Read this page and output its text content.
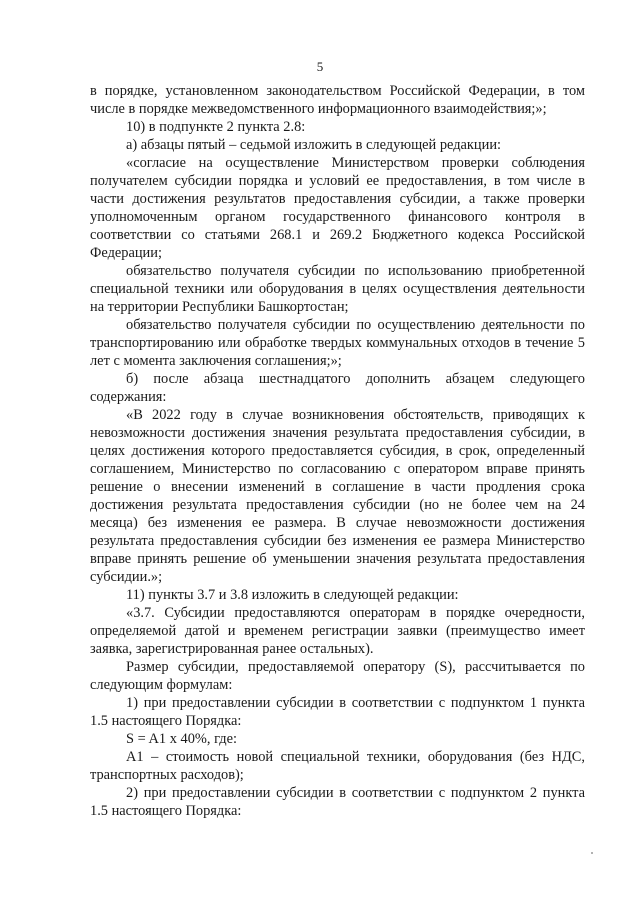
5

в порядке, установленном законодательством Российской Федерации, в том числе в порядке межведомственного информационного взаимодействия;»;

10) в подпункте 2 пункта 2.8:

а) абзацы пятый – седьмой изложить в следующей редакции:

«согласие на осуществление Министерством проверки соблюдения получателем субсидии порядка и условий ее предоставления, в том числе в части достижения результатов предоставления субсидии, а также проверки уполномоченным органом государственного финансового контроля в соответствии со статьями 268.1 и 269.2 Бюджетного кодекса Российской Федерации;

обязательство получателя субсидии по использованию приобретенной специальной техники или оборудования в целях осуществления деятельности на территории Республики Башкортостан;

обязательство получателя субсидии по осуществлению деятельности по транспортированию или обработке твердых коммунальных отходов в течение 5 лет с момента заключения соглашения;»;

б) после абзаца шестнадцатого дополнить абзацем следующего содержания:

«В 2022 году в случае возникновения обстоятельств, приводящих к невозможности достижения значения результата предоставления субсидии, в целях достижения которого предоставляется субсидия, в срок, определенный соглашением, Министерство по согласованию с оператором вправе принять решение о внесении изменений в соглашение в части продления срока достижения результата предоставления субсидии (но не более чем на 24 месяца) без изменения ее размера. В случае невозможности достижения результата предоставления субсидии без изменения ее размера Министерство вправе принять решение об уменьшении значения результата предоставления субсидии.»;

11) пункты 3.7 и 3.8 изложить в следующей редакции:

«3.7. Субсидии предоставляются операторам в порядке очередности, определяемой датой и временем регистрации заявки (преимущество имеет заявка, зарегистрированная ранее остальных).

Размер субсидии, предоставляемой оператору (S), рассчитывается по следующим формулам:

1) при предоставлении субсидии в соответствии с подпунктом 1 пункта 1.5 настоящего Порядка:

S = A1 х 40%, где:

А1 – стоимость новой специальной техники, оборудования (без НДС, транспортных расходов);

2) при предоставлении субсидии в соответствии с подпунктом 2 пункта 1.5 настоящего Порядка:
